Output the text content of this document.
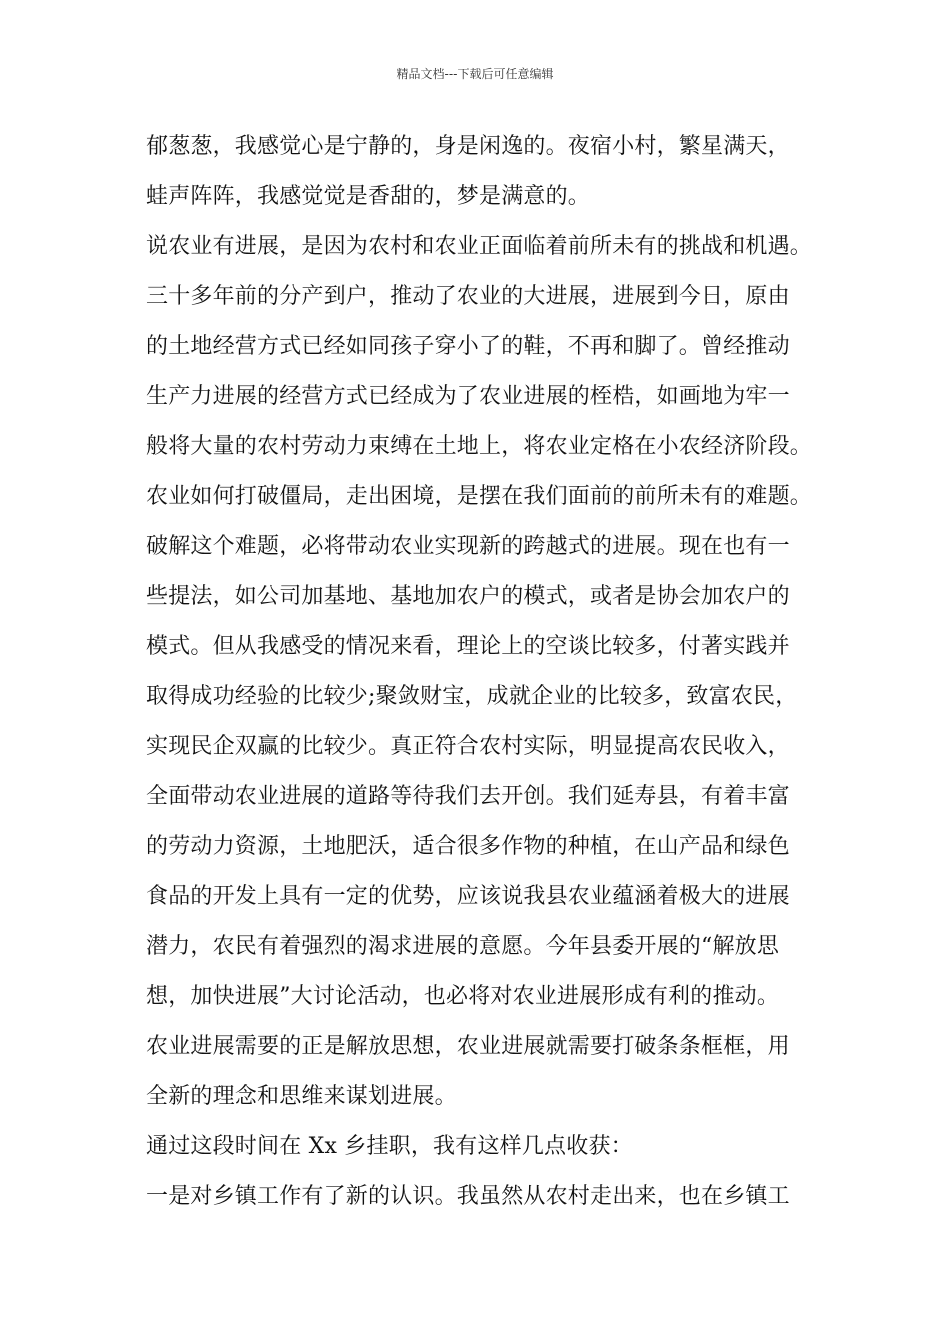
精品文档---下载后可任意编辑
郁葱葱，我感觉心是宁静的，身是闲逸的。夜宿小村，繁星满天，
蛙声阵阵，我感觉觉是香甜的，梦是满意的。
说农业有进展，是因为农村和农业正面临着前所未有的挑战和机遇。
三十多年前的分产到户，推动了农业的大进展，进展到今日，原由
的土地经营方式已经如同孩子穿小了的鞋，不再和脚了。曾经推动
生产力进展的经营方式已经成为了农业进展的桎梏，如画地为牢一
般将大量的农村劳动力束缚在土地上，将农业定格在小农经济阶段。
农业如何打破僵局，走出困境，是摆在我们面前的前所未有的难题。
破解这个难题，必将带动农业实现新的跨越式的进展。现在也有一
些提法，如公司加基地、基地加农户的模式，或者是协会加农户的
模式。但从我感受的情况来看，理论上的空谈比较多，付著实践并
取得成功经验的比较少;聚敛财宝，成就企业的比较多，致富农民，
实现民企双赢的比较少。真正符合农村实际，明显提高农民收入，
全面带动农业进展的道路等待我们去开创。我们延寿县，有着丰富
的劳动力资源，土地肥沃，适合很多作物的种植，在山产品和绿色
食品的开发上具有一定的优势，应该说我县农业蕴涵着极大的进展
潜力，农民有着强烈的渴求进展的意愿。今年县委开展的“解放思
想，加快进展”大讨论活动，也必将对农业进展形成有利的推动。
农业进展需要的正是解放思想，农业进展就需要打破条条框框，用
全新的理念和思维来谋划进展。
通过这段时间在 Xx 乡挂职，我有这样几点收获：
一是对乡镇工作有了新的认识。我虽然从农村走出来，也在乡镇工
